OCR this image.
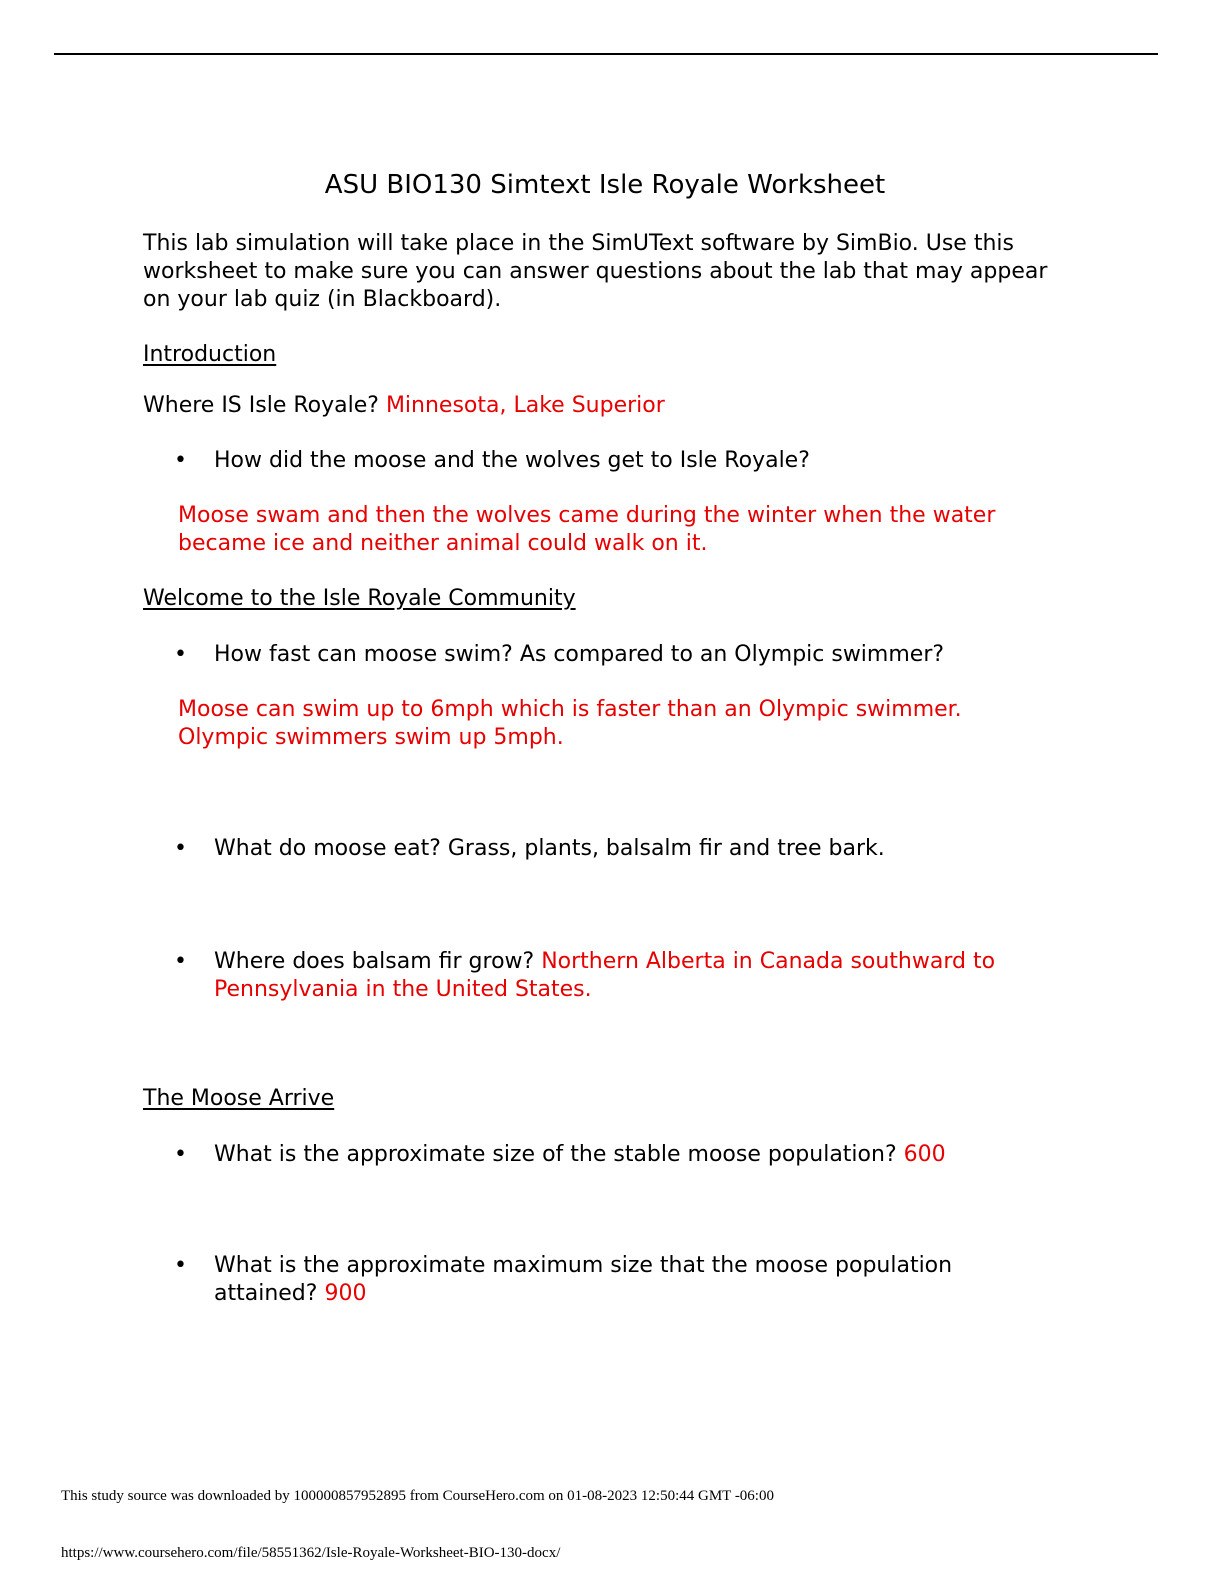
ASU BIO130 Simtext Isle Royale Worksheet
This lab simulation will take place in the SimUText software by SimBio. Use this worksheet to make sure you can answer questions about the lab that may appear on your lab quiz (in Blackboard).
Introduction
Where IS Isle Royale? Minnesota, Lake Superior
• How did the moose and the wolves get to Isle Royale?
Moose swam and then the wolves came during the winter when the water became ice and neither animal could walk on it.
Welcome to the Isle Royale Community
• How fast can moose swim? As compared to an Olympic swimmer?
Moose can swim up to 6mph which is faster than an Olympic swimmer. Olympic swimmers swim up 5mph.
• What do moose eat? Grass, plants, balsalm fir and tree bark.
• Where does balsam fir grow? Northern Alberta in Canada southward to Pennsylvania in the United States.
The Moose Arrive
• What is the approximate size of the stable moose population? 600
• What is the approximate maximum size that the moose population attained? 900
This study source was downloaded by 100000857952895 from CourseHero.com on 01-08-2023 12:50:44 GMT -06:00
https://www.coursehero.com/file/58551362/Isle-Royale-Worksheet-BIO-130-docx/
